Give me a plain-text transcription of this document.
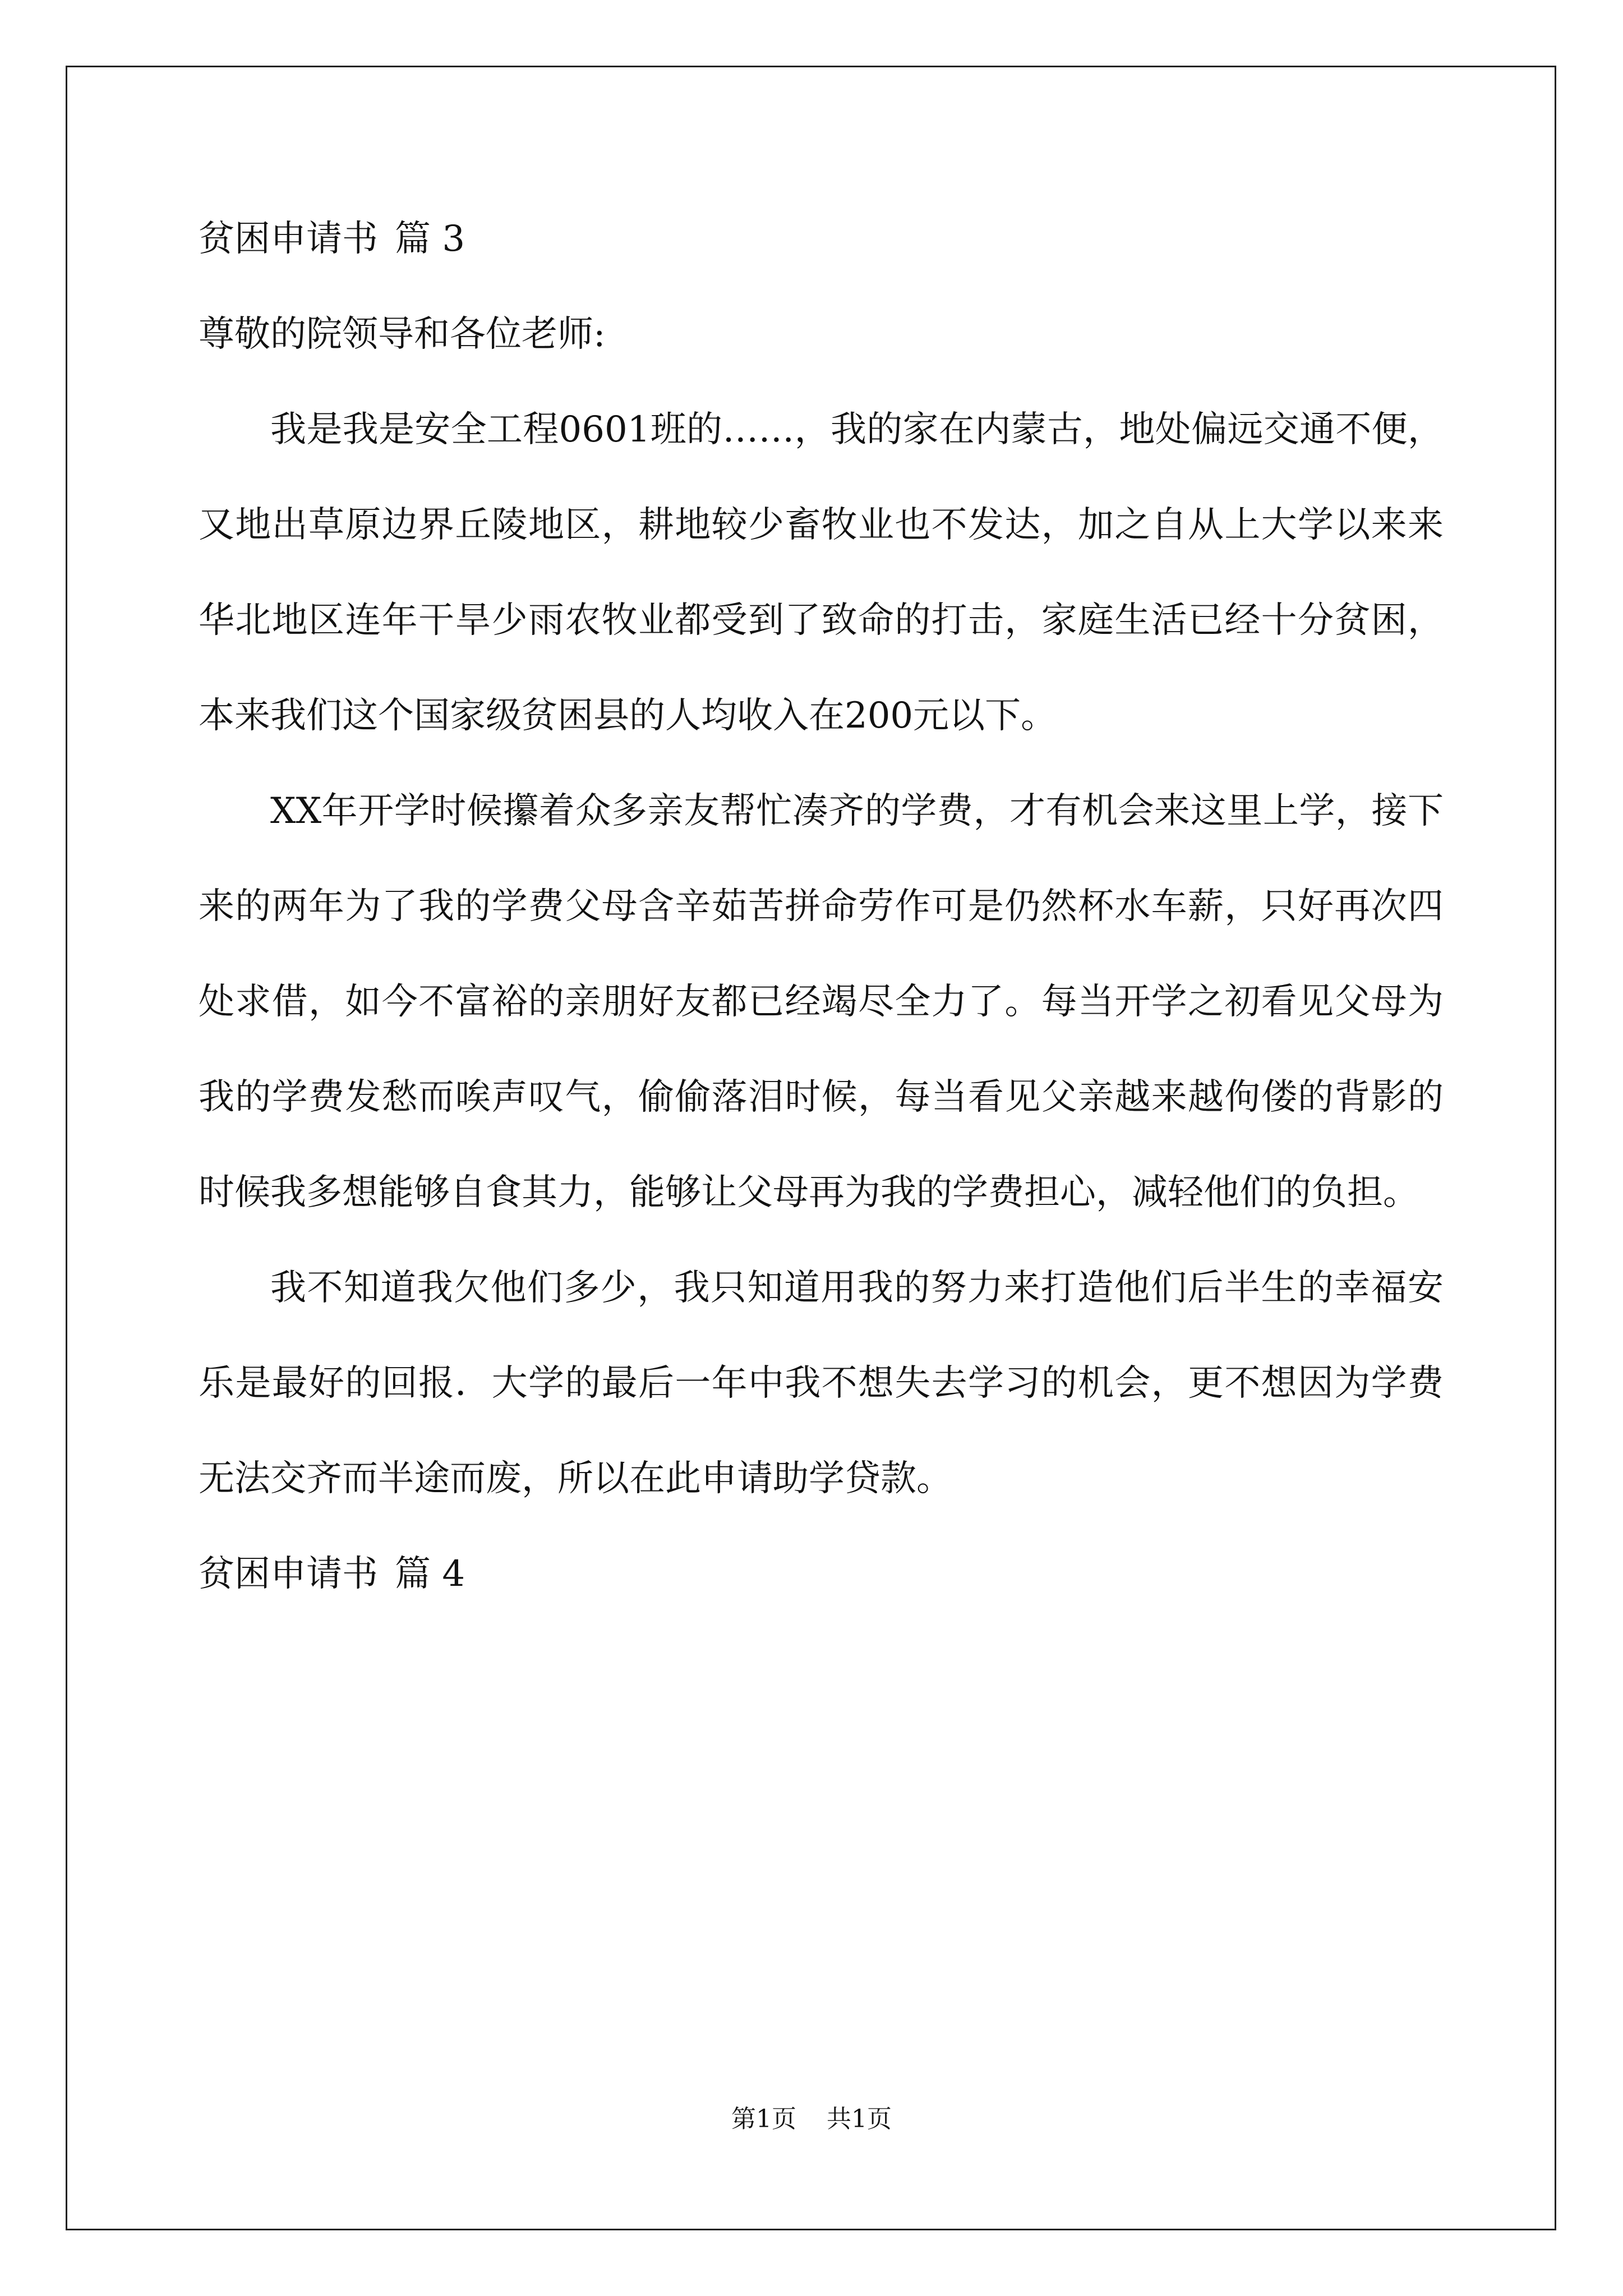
贫困申请书 篇 3

尊敬的院领导和各位老师:

我是我是安全工程0601班的……，我的家在内蒙古，地处偏远交通不便，又地出草原边界丘陵地区，耕地较少畜牧业也不发达，加之自从上大学以来来华北地区连年干旱少雨农牧业都受到了致命的打击，家庭生活已经十分贫困，本来我们这个国家级贫困县的人均收入在200元以下。

XX年开学时候攥着众多亲友帮忙凑齐的学费，才有机会来这里上学，接下来的两年为了我的学费父母含辛茹苦拼命劳作可是仍然杯水车薪，只好再次四处求借，如今不富裕的亲朋好友都已经竭尽全力了。每当开学之初看见父母为我的学费发愁而唉声叹气，偷偷落泪时候，每当看见父亲越来越佝偻的背影的时候我多想能够自食其力，能够让父母再为我的学费担心，减轻他们的负担。

我不知道我欠他们多少，我只知道用我的努力来打造他们后半生的幸福安乐是最好的回报．大学的最后一年中我不想失去学习的机会，更不想因为学费无法交齐而半途而废，所以在此申请助学贷款。

贫困申请书 篇 4
第1页 共1页
